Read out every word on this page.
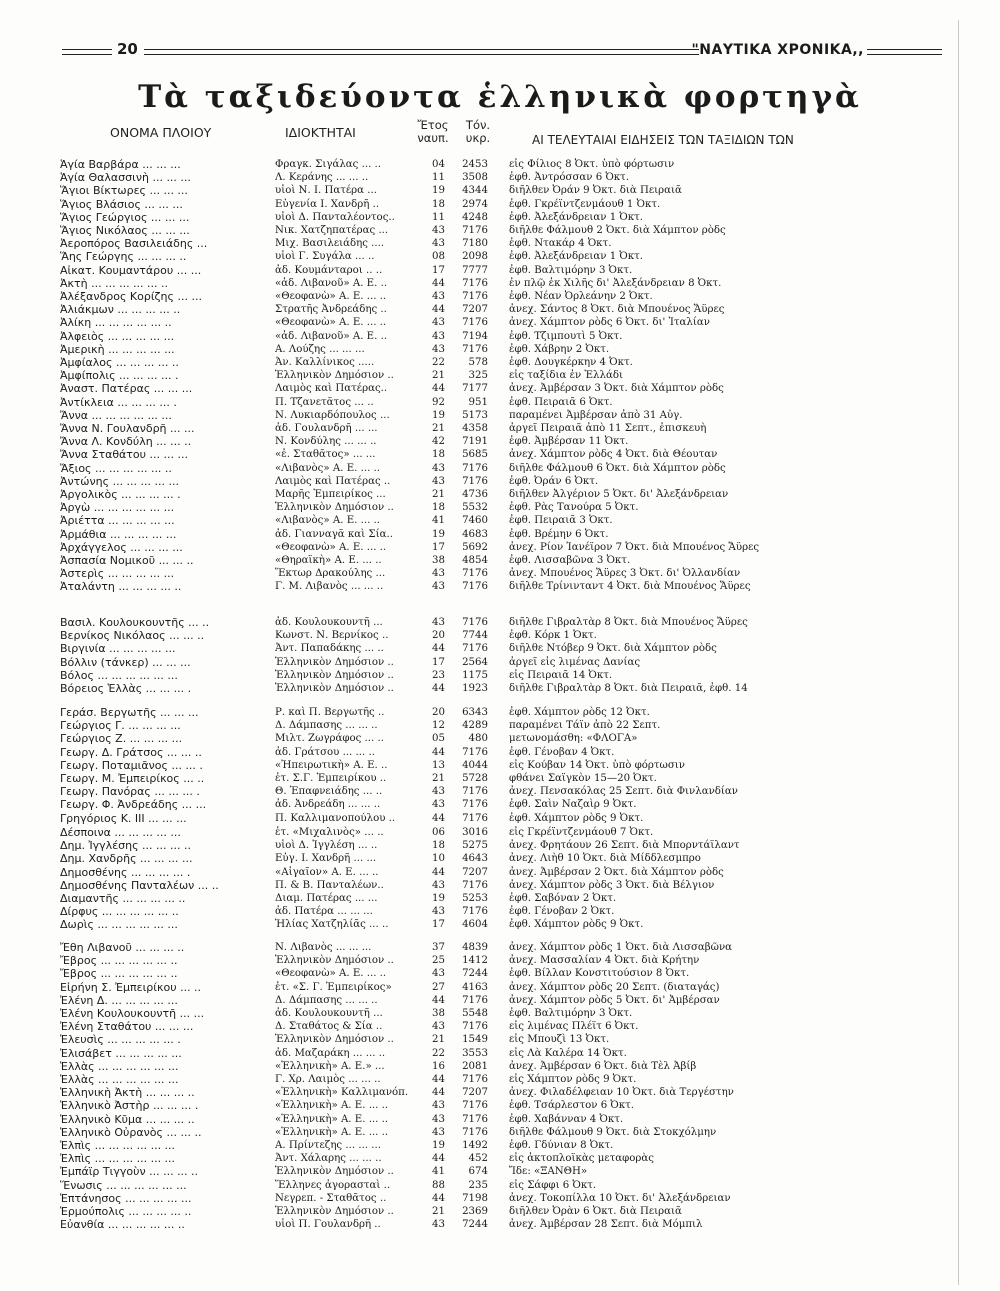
20	"ΝΑΥΤΙΚΑ ΧΡΟΝΙΚΑ,,
Τὰ ταξιδεύοντα ἑλληνικὰ φορτηγὰ
ΟΝΟΜΑ ΠΛΟΙΟΥ	ΙΔΙΟΚΤΗΤΑΙ	Ἔτος ναυπ.
Τόν. υκρ.	ΑΙ ΤΕΛΕΥΤΑΙΑΙ ΕΙΔΗΣΕΙΣ ΤΩΝ ΤΑΞΙΔΙΩΝ ΤΩΝ
Ἁγία Βαρβάρα ... ... ...	Φραγκ. Σιγάλας ... ..	04	2453 εἰς Φίλιος 8 Ὀκτ. ὑπὸ φόρτωσιν
Ἁγία Θαλασσινὴ ... ... ...	Λ. Κεράνης ... ... ..	11	3508 ἐφθ. Ἀντρόσσαν 6 Ὀκτ.
Ἅγιοι Βίκτωρες ... ... ...	υἱοὶ Ν. Ι. Πατέρα ...	19	4344 διῆλθεν Ὀράν 9 Ὀκτ. διὰ Πειραιᾶ
Ἅγιος Βλάσιος ... ... ...	Εὐγενία Ι. Χανδρῆ ..	18	2974 ἐφθ. Γκρέϊντζενμάουθ 1 Ὀκτ.
Ἅγιος Γεώργιος ... ... ...	υἱοὶ Δ. Πανταλέοντος..	11	4248 ἐφθ. Ἀλεξάνδρειαν 1 Ὀκτ.
Ἅγιος Νικόλαος ... ... ...	Νικ. Χατζηπατέρας ...	43	7176 διῆλθε Φάλμουθ 2 Ὀκτ. διὰ Χάμπτον ρὸδς
Ἀεροπόρος Βασιλειάδης ...	Μιχ. Βασιλειάδης ....	43	7180 ἐφθ. Ντακάρ 4 Ὀκτ.
Ἅης Γεώργης ... ... ... ..	υἱοὶ Γ. Συγάλα ... ..	08	2098 ἐφθ. Ἀλεξάνδρειαν 1 Ὀκτ.
Αἰκατ. Κουμαντάρου ... ...	ἀδ. Κουμάνταροι .. ..	17	7777 ἐφθ. Βαλτιμόρην 3 Ὀκτ.
Ἀκτὴ ... ... ... ... ... ..	«ἀδ. Λιβανοῦ» Α. Ε. ..	44	7176 ἐν πλῷ ἐκ Χιλῆς δι' Ἀλεξάνδρειαν 8 Ὀκτ.
Ἀλέξανδρος Κορίζης ... ...	«Θεοφανὼ» Α. Ε. ... ..	43	7176 ἐφθ. Νέαν Ὀρλεάνην 2 Ὀκτ.
Ἀλιάκμων ... ... ... ... ..	Στρατῆς Ἀνδρεάδης ..	44	7207 ἀνεχ. Σάντος 8 Ὀκτ. διὰ Μπουένος Ἄϋρες
Ἀλίκη ... ... ... ... ... ..	«Θεοφανὼ» Α. Ε. ... ..	43	7176 ἀνεχ. Χάμπτον ρὸδς 6 Ὀκτ. δι' Ἰταλίαν
Ἀλφειὸς ... ... ... ... ...	«ἀδ. Λιβανοῦ» Α. Ε. ..	43	7194 ἐφθ. Τζιμπουτὶ 5 Ὀκτ.
Ἀμερικὴ ... ... ... ... ...	Α. Λούζης ... ... ...	43	7176 ἐφθ. Χάβρην 2 Ὀκτ.
Ἀμφίαλος ... ... ... ... ..	Ἀν. Καλλίνικος .....	22	578 ἐφθ. Δουγκέρκην 4 Ὀκτ.
Ἀμφίπολις ... ... ... ... .	Ἑλληνικὸν Δημόσιον ..	21	325 εἰς ταξίδια ἐν Ἑλλάδι
Ἀναστ. Πατέρας ... ... ...	Λαιμὸς καὶ Πατέρας..	44	7177 ἀνεχ. Ἀμβέρσαν 3 Ὀκτ. διὰ Χάμπτον ρὸδς
Ἀντίκλεια ... ... ... ... .	Π. Τζανετᾶτος ... ..	92	951 ἐφθ. Πειραιᾶ 6 Ὀκτ.
Ἄννα ... ... ... ... ... ...	Ν. Λυκιαρδόπουλος ...	19	5173 παραμένει Ἀμβέρσαν ἀπὸ 31 Αὐγ.
Ἄννα Ν. Γουλανδρῆ ... ...	ἀδ. Γουλανδρῆ ... ...	21	4358 ἀργεῖ Πειραιᾶ ἀπὸ 11 Σεπτ., ἐπισκευὴ
Ἄννα Λ. Κονδύλη ... ... ..	Ν. Κονδύλης ... ... ..	42	7191 ἐφθ. Ἀμβέρσαν 11 Ὀκτ.
Ἄννα Σταθάτου ... ... ...	«ἐ. Σταθᾶτος» ... ...	18	5685 ἀνεχ. Χάμπτον ρὸδς 4 Ὀκτ. διὰ Θέουταν
Ἄξιος ... ... ... ... ... ..	«Λιβανὸς» Α. Ε. ... ..	43	7176 διῆλθε Φάλμουθ 6 Ὀκτ. διὰ Χάμπτον ρὸδς
Ἀντώνης ... ... ... ... ...	Λαιμὸς καὶ Πατέρας ..	43	7176 ἐφθ. Ὀράν 6 Ὀκτ.
Ἀργολικὸς ... ... ... ... .	Μαρῆς Ἐμπειρίκος ...	21	4736 διῆλθεν Ἀλγέριον 5 Ὀκτ. δι' Ἀλεξάνδρειαν
Ἀργὼ ... ... ... ... ... ...	Ἑλληνικὸν Δημόσιον ..	18	5532 ἐφθ. Ρὰς Τανούρα 5 Ὀκτ.
Ἀριέττα ... ... ... ... ...	«Λιβανὸς» Α. Ε. ... ..	41	7460 ἐφθ. Πειραιᾶ 3 Ὀκτ.
Ἀρμάθια ... ... ... ... ...	ἀδ. Γιανναγᾶ καὶ Σία..	19	4683 ἐφθ. Βρέμην 6 Ὀκτ.
Ἀρχάγγελος ... ... ... ...	«Θεοφανὼ» Α. Ε. ... ..	17	5692 ἀνεχ. Ρίον Ἰανέϊρον 7 Ὀκτ. διὰ Μπουένος Ἄϋρες
Ἀσπασία Νομικοῦ ... ... ..	«Θηραϊκὴ» Α. Ε. ... ..	38	4854 ἐφθ. Λισσαβῶνα 3 Ὀκτ.
Ἀστερὶς ... ... ... ... ...	Ἕκτωρ Δρακούλης ...	43	7176 ἀνεχ. Μπουένος Ἄϋρες 3 Ὀκτ. δι' Ὀλλανδίαν
Ἀταλάντη ... ... ... ... ..	Γ. Μ. Λιβανὸς ... ... ..	43	7176 διῆλθε Τρίνινταντ 4 Ὀκτ. διὰ Μπουένος Ἄϋρες
Βασιλ. Κουλουκουντῆς ... ..	ἀδ. Κουλουκουντῆ ...	43	7176 διῆλθε Γιβραλτὰρ 8 Ὀκτ. διὰ Μπουένος Ἄϋρες
Βερνίκος Νικόλαος ... ... ..	Κωνστ. Ν. Βερνίκος ..	20	7744 ἐφθ. Κόρκ 1 Ὀκτ.
Βιργινία ... ... ... ... ...	Ἀντ. Παπαδάκης ... ..	44	7176 διῆλθε Ντόβερ 9 Ὀκτ. διὰ Χάμπτον ρὸδς
Βόλλιν (τάνκερ) ... ... ...	Ἑλληνικὸν Δημόσιον ..	17	2564 ἀργεῖ εἰς λιμένας Δανίας
Βόλος ... ... ... ... ... ...	Ἑλληνικὸν Δημόσιον ..	23	1175 εἰς Πειραιᾶ 14 Ὀκτ.
Βόρειος Ἑλλὰς ... ... ... .	Ἑλληνικὸν Δημόσιον ..	44	1923 διῆλθε Γιβραλτὰρ 8 Ὀκτ. διὰ Πειραιᾶ, ἐφθ. 14
Γεράσ. Βεργωτῆς ... ... ...	Ρ. καὶ Π. Βεργωτῆς ..	20	6343 ἐφθ. Χάμπτον ρὸδς 12 Ὀκτ.
Γεώργιος Γ. ... ... ... ...	Δ. Δάμπασης ... ... ..	12	4289 παραμένει Τάϊν ἀπὸ 22 Σεπτ.
Γεώργιος Ζ. ... ... ... ...	Μιλτ. Ζωγράφος ... ..	05	480 μετωνομάσθη: «ΦΛΟΓΑ»
Γεωργ. Δ. Γράτσος ... ... ..	ἀδ. Γράτσου ... ... ..	44	7176 ἐφθ. Γένοβαν 4 Ὀκτ.
Γεωργ. Ποταμιᾶνος ... ... .	«Ἠπειρωτικὴ» Α. Ε. ..	13	4044 εἰς Κούβαν 14 Ὀκτ. ὑπὸ φόρτωσιν
Γεωργ. Μ. Ἐμπειρίκος ... ..	ἐτ. Σ.Γ. Ἐμπειρίκου ..	21	5728 φθάνει Σαϊγκὸν 15—20 Ὀκτ.
Γεωργ. Πανόρας ... ... ... .	Θ. Ἐπαφνειάδης ... ..	43	7176 ἀνεχ. Πενσακόλας 25 Σεπτ. διὰ Φινλανδίαν
Γεωργ. Φ. Ἀνδρεάδης ... ...	ἀδ. Ἀνδρεάδη ... ... ..	43	7176 ἐφθ. Σαὶν Ναζαὶρ 9 Ὀκτ.
Γρηγόριος Κ. ΙΙΙ ... ... ...	Π. Καλλιμανοπούλου ..	44	7176 ἐφθ. Χάμπτον ρὸδς 9 Ὀκτ.
Δέσποινα ... ... ... ... ...	ἐτ. «Μιχαλινὸς» ... ..	06	3016 εἰς Γκρέϊντζενμάουθ 7 Ὀκτ.
Δημ. Ἰγγλέσης ... ... ... ..	υἱοὶ Δ. Ἰγγλέση ... ..	18	5275 ἀνεχ. Φρητάουν 26 Σεπτ. διὰ Μπορντάϊλαντ
Δημ. Χανδρῆς ... ... ... ...	Εὐγ. Ι. Χανδρῆ ... ...	10	4643 ἀνεχ. Λιὴθ 10 Ὀκτ. διὰ Μίδδλεσμπρο
Δημοσθένης ... ... ... ... .	«Αἰγαῖον» Α. Ε. ... ..	44	7207 ἀνεχ. Ἀμβέρσαν 2 Ὀκτ. διὰ Χάμπτον ρὸδς
Δημοσθένης Πανταλέων ... ..	Π. & Β. Πανταλέων..	43	7176 ἀνεχ. Χάμπτον ρὸδς 3 Ὀκτ. διὰ Βέλγιον
Διαμαντῆς ... ... ... ... ..	Διαμ. Πατέρας ... ...	19	5253 ἐφθ. Σαβόναν 2 Ὀκτ.
Δίρφυς ... ... ... ... ... ..	ἀδ. Πατέρα ... ... ...	43	7176 ἐφθ. Γένοβαν 2 Ὀκτ.
Δωρὶς ... ... ... ... ... ...	Ἡλίας Χατζηλίᾶς ... ..	17	4604 ἐφθ. Χάμπτον ρὸδς 9 Ὀκτ.
Ἔθη Λιβανοῦ ... ... ... ..	Ν. Λιβανὸς ... ... ...	37	4839 ἀνεχ. Χάμπτον ρὸδς 1 Ὀκτ. διὰ Λισσαβῶνα
Ἔβρος ... ... ... ... ... ..	Ἑλληνικὸν Δημόσιον ..	25	1412 ἀνεχ. Μασσαλίαν 4 Ὀκτ. διὰ Κρήτην
Ἔβρος ... ... ... ... ... ..	«Θεοφανὼ» Α. Ε. ... ..	43	7244 ἐφθ. Βίλλαν Κονστιτούσιον 8 Ὀκτ.
Εἰρήνη Σ. Ἐμπειρίκου ... ..	ἐτ. «Σ. Γ. Ἐμπειρίκος»	27	4163 ἀνεχ. Χάμπτον ρὸδς 20 Σεπτ. (διαταγάς)
Ἐλένη Δ. ... ... ... ... ...	Δ. Δάμπασης ... ... ..	44	7176 ἀνεχ. Χάμπτον ρὸδς 5 Ὀκτ. δι' Ἀμβέρσαν
Ἐλένη Κουλουκουντῆ ... ...	ἀδ. Κουλουκουντῆ ...	38	5548 ἐφθ. Βαλτιμόρην 3 Ὀκτ.
Ἐλένη Σταθάτου ... ... ...	Δ. Σταθάτος & Σία ..	43	7176 εἰς λιμένας Πλέϊτ 6 Ὀκτ.
Ἐλευσὶς ... ... ... ... ... .	Ἑλληνικὸν Δημόσιον ..	21	1549 εἰς Μπουζὶ 13 Ὀκτ.
Ἐλισάβετ ... ... ... ... ...	ἀδ. Μαζαράκη ... ... ..	22	3553 εἰς Λὰ Καλέρα 14 Ὀκτ.
Ἑλλὰς ... ... ... ... ... ...	«Ἑλληνικὴ» Α. Ε.» ...	16	2081 ἀνεχ. Ἀμβέρσαν 6 Ὀκτ. διὰ Τὲλ Ἀβίβ
Ἑλλὰς ... ... ... ... ... ...	Γ. Χρ. Λαιμὸς ... ... ..	44	7176 εἰς Χάμπτον ρὸδς 9 Ὀκτ.
Ἑλληνικὴ Ἀκτὴ ... ... ... ..	«Ἑλληνικὴ» Καλλιμανόπ.	44	7207 ἀνεχ. Φιλαδέλφειαν 10 Ὀκτ. διὰ Τεργέστην
Ἑλληνικὸ Ἀστὴρ ... ... ... .	«Ἑλληνικὴ» Α. Ε. ... ..	43	7176 ἐφθ. Τσάρλεστον 6 Ὀκτ.
Ἑλληνικὸ Κῦμα ... ... ... ..	«Ἑλληνικὴ» Α. Ε. ... ..	43	7176 ἐφθ. Χαβάνναν 4 Ὀκτ.
Ἑλληνικὸ Οὐρανὸς ... ... ..	«Ἑλληνικὴ» Α. Ε. ... ..	43	7176 διῆλθε Φάλμουθ 9 Ὀκτ. διὰ Στοκχόλμην
Ἐλπὶς ... ... ... ... ... ...	Α. Πρίντεζης ... ... ...	19	1492 ἐφθ. Γδύνιαν 8 Ὀκτ.
Ἐλπὶς ... ... ... ... ... ...	Ἀντ. Χάλαρης ... ... ..	44	452 εἰς ἀκτοπλοϊκὰς μεταφορὰς
Ἐμπάϊρ Τιγγοὺν ... ... ... ..	Ἑλληνικὸν Δημόσιον ..	41	674 Ἴδε: «ΞΑΝΘΗ»
Ἕνωσις ... ... ... ... ... ...	Ἕλληνες ἀγορασταὶ ..	88	235 εἰς Σάφφι 6 Ὀκτ.
Ἑπτάνησος ... ... ... ... ...	Νεγρεπ. - Σταθᾶτος ..	44	7198 ἀνεχ. Τοκοπίλλα 10 Ὀκτ. δι' Ἀλεξάνδρειαν
Ἑρμούπολις ... ... ... ... ..	Ἑλληνικὸν Δημόσιον ..	21	2369 διῆλθεν Ὀρὰν 6 Ὀκτ. διὰ Πειραιᾶ
Εὐανθία ... ... ... ... ... ..	υἱοὶ Π. Γουλανδρῆ ..	43	7244 ἀνεχ. Ἀμβέρσαν 28 Σεπτ. διὰ Μόμπιλ
